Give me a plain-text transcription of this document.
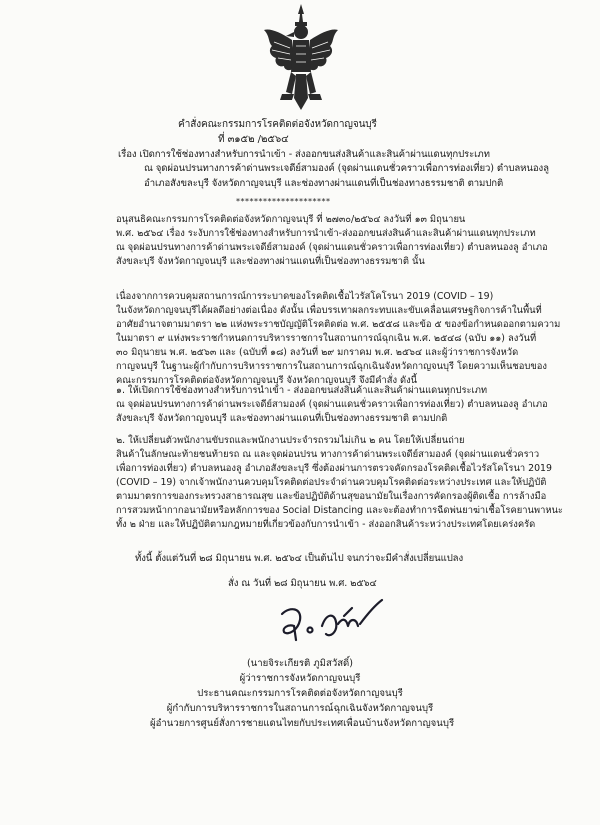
คำสั่งคณะกรรมการโรคติดต่อจังหวัดกาญจนบุรี
ที่ ๓๑๕๒ /๒๕๖๔
เรื่อง เปิดการใช้ช่องทางสำหรับการนำเข้า - ส่งออกขนส่งสินค้าและสินค้าผ่านแดนทุกประเภท
ณ จุดผ่อนปรนทางการค้าด่านพระเจดีย์สามองค์ (จุดผ่านแดนชั่วคราวเพื่อการท่องเที่ยว) ตำบลหนองลู
อำเภอสังขละบุรี จังหวัดกาญจนบุรี และช่องทางผ่านแดนที่เป็นช่องทางธรรมชาติ ตามปกติ
*********************
อนุสนธิคณะกรรมการโรคติดต่อจังหวัดกาญจนบุรี ที่ ๒๗๓๐/๒๕๖๔ ลงวันที่ ๑๓ มิถุนายน
พ.ศ. ๒๕๖๔ เรื่อง ระงับการใช้ช่องทางสำหรับการนำเข้า-ส่งออกขนส่งสินค้าและสินค้าผ่านแดนทุกประเภท
ณ จุดผ่อนปรนทางการค้าด่านพระเจดีย์สามองค์ (จุดผ่านแดนชั่วคราวเพื่อการท่องเที่ยว) ตำบลหนองลู อำเภอ
สังขละบุรี จังหวัดกาญจนบุรี และช่องทางผ่านแดนที่เป็นช่องทางธรรมชาติ นั้น
เนื่องจากการควบคุมสถานการณ์การระบาดของโรคติดเชื้อไวรัสโคโรนา 2019 (COVID – 19)
ในจังหวัดกาญจนบุรีได้ผลดีอย่างต่อเนื่อง ดังนั้น เพื่อบรรเทาผลกระทบและขับเคลื่อนเศรษฐกิจการค้าในพื้นที่
อาศัยอำนาจตามมาตรา ๒๒ แห่งพระราชบัญญัติโรคติดต่อ พ.ศ. ๒๕๕๘ และข้อ ๕ ของข้อกำหนดออกตามความ
ในมาตรา ๙ แห่งพระราชกำหนดการบริหารราชการในสถานการณ์ฉุกเฉิน พ.ศ. ๒๕๔๘ (ฉบับ ๑๑) ลงวันที่
๓๐ มิถุนายน พ.ศ. ๒๕๖๓ และ (ฉบับที่ ๑๘) ลงวันที่ ๒๙ มกราคม พ.ศ. ๒๕๖๔ และผู้ว่าราชการจังหวัด
กาญจนบุรี ในฐานะผู้กำกับการบริหารราชการในสถานการณ์ฉุกเฉินจังหวัดกาญจนบุรี โดยความเห็นชอบของ
คณะกรรมการโรคติดต่อจังหวัดกาญจนบุรี จังหวัดกาญจนบุรี จึงมีคำสั่ง ดังนี้
๑. ให้เปิดการใช้ช่องทางสำหรับการนำเข้า - ส่งออกขนส่งสินค้าและสินค้าผ่านแดนทุกประเภท
ณ จุดผ่อนปรนทางการค้าด่านพระเจดีย์สามองค์ (จุดผ่านแดนชั่วคราวเพื่อการท่องเที่ยว) ตำบลหนองลู อำเภอ
สังขละบุรี จังหวัดกาญจนบุรี และช่องทางผ่านแดนที่เป็นช่องทางธรรมชาติ ตามปกติ
๒. ให้เปลี่ยนตัวพนักงานขับรถและพนักงานประจำรถรวมไม่เกิน ๒ คน โดยให้เปลี่ยนถ่าย
สินค้าในลักษณะท้ายชนท้ายรถ ณ และจุดผ่อนปรน ทางการค้าด่านพระเจดีย์สามองค์ (จุดผ่านแดนชั่วคราว
เพื่อการท่องเที่ยว) ตำบลหนองลู อำเภอสังขละบุรี ซึ่งต้องผ่านการตรวจคัดกรองโรคติดเชื้อไวรัสโคโรนา 2019
(COVID – 19) จากเจ้าพนักงานควบคุมโรคติดต่อประจำด่านควบคุมโรคติดต่อระหว่างประเทศ และให้ปฏิบัติ
ตามมาตรการของกระทรวงสาธารณสุข และข้อปฏิบัติด้านสุขอนามัยในเรื่องการคัดกรองผู้ติดเชื้อ การล้างมือ
การสวมหน้ากากอนามัยหรือหลักการของ Social Distancing และจะต้องทำการฉีดพ่นยาฆ่าเชื้อโรคยานพาหนะ
ทั้ง ๒ ฝ่าย และให้ปฏิบัติตามกฎหมายที่เกี่ยวข้องกับการนำเข้า - ส่งออกสินค้าระหว่างประเทศโดยเคร่งครัด
ทั้งนี้ ตั้งแต่วันที่ ๒๘ มิถุนายน พ.ศ. ๒๕๖๔ เป็นต้นไป จนกว่าจะมีคำสั่งเปลี่ยนแปลง
สั่ง ณ วันที่ ๒๘ มิถุนายน พ.ศ. ๒๕๖๔
(นายจิระเกียรติ ภูมิสวัสดิ์)
ผู้ว่าราชการจังหวัดกาญจนบุรี
ประธานคณะกรรมการโรคติดต่อจังหวัดกาญจนบุรี
ผู้กำกับการบริหารราชการในสถานการณ์ฉุกเฉินจังหวัดกาญจนบุรี
ผู้อำนวยการศูนย์สั่งการชายแดนไทยกับประเทศเพื่อนบ้านจังหวัดกาญจนบุรี
